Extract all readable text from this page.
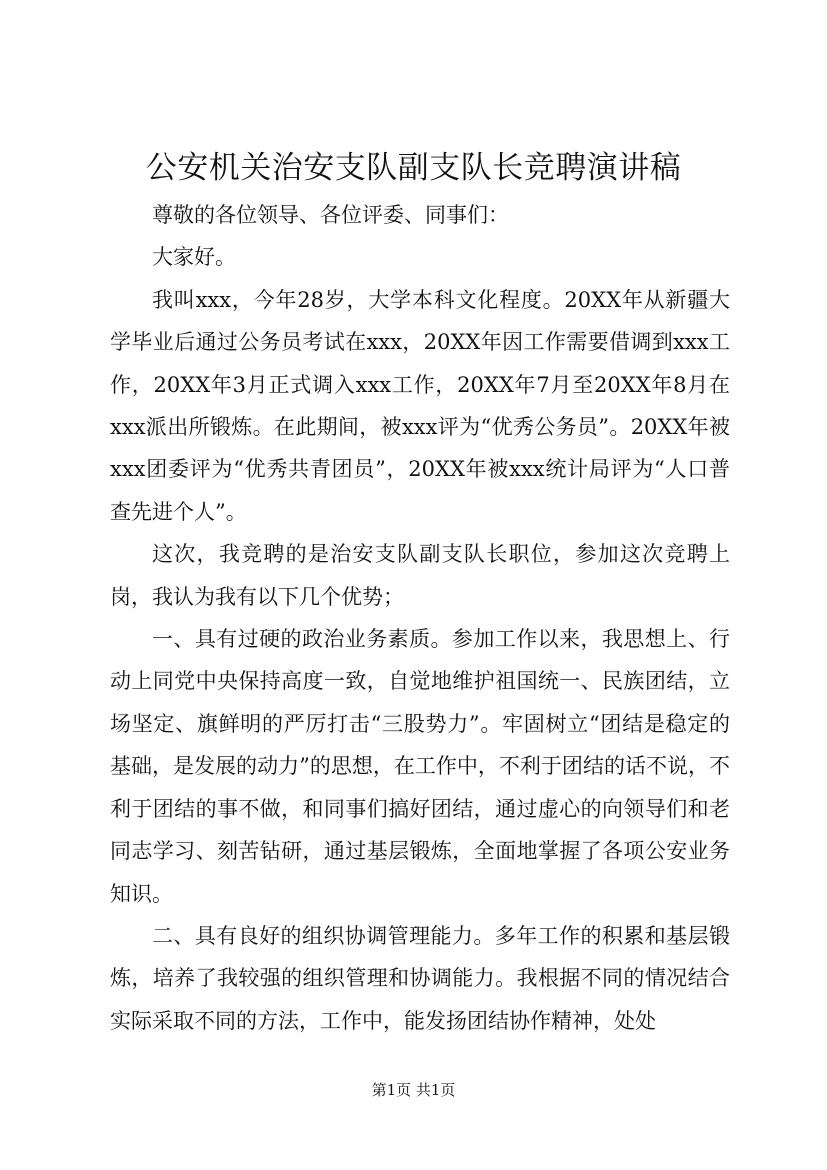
公安机关治安支队副支队长竞聘演讲稿

尊敬的各位领导、各位评委、同事们：

大家好。

我叫xxx，今年28岁，大学本科文化程度。20XX年从新疆大学毕业后通过公务员考试在xxx，20XX年因工作需要借调到xxx工作，20XX年3月正式调入xxx工作，20XX年7月至20XX年8月在xxx派出所锻炼。在此期间，被xxx评为“优秀公务员”。20XX年被xxx团委评为“优秀共青团员”，20XX年被xxx统计局评为“人口普查先进个人”。

这次，我竞聘的是治安支队副支队长职位，参加这次竞聘上岗，我认为我有以下几个优势；

一、具有过硬的政治业务素质。参加工作以来，我思想上、行动上同党中央保持高度一致，自觉地维护祖国统一、民族团结，立场坚定、旗鲜明的严厉打击“三股势力”。牢固树立“团结是稳定的基础，是发展的动力”的思想，在工作中，不利于团结的话不说，不利于团结的事不做，和同事们搞好团结，通过虚心的向领导们和老同志学习、刻苦钻研，通过基层锻炼，全面地掌握了各项公安业务知识。

二、具有良好的组织协调管理能力。多年工作的积累和基层锻炼，培养了我较强的组织管理和协调能力。我根据不同的情况结合实际采取不同的方法，工作中，能发扬团结协作精神，处处

第1页 共1页
